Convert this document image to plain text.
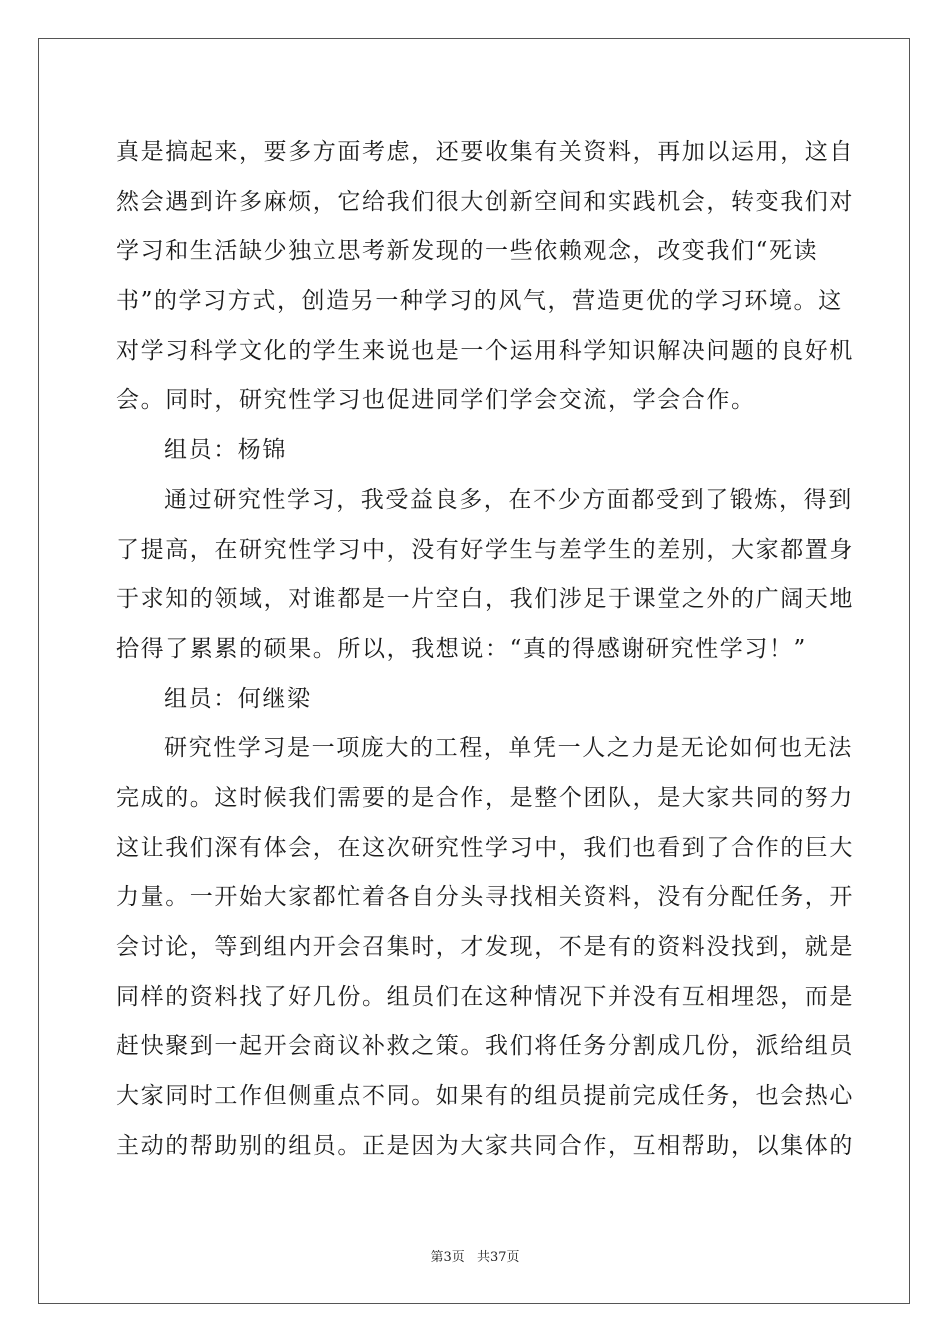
真是搞起来，要多方面考虑，还要收集有关资料，再加以运用，这自
然会遇到许多麻烦，它给我们很大创新空间和实践机会，转变我们对
学习和生活缺少独立思考新发现的一些依赖观念，改变我们“死读
书”的学习方式，创造另一种学习的风气，营造更优的学习环境。这
对学习科学文化的学生来说也是一个运用科学知识解决问题的良好机
会。同时，研究性学习也促进同学们学会交流，学会合作。
组员：杨锦
通过研究性学习，我受益良多，在不少方面都受到了锻炼，得到
了提高，在研究性学习中，没有好学生与差学生的差别，大家都置身
于求知的领域，对谁都是一片空白，我们涉足于课堂之外的广阔天地
拾得了累累的硕果。所以，我想说：“真的得感谢研究性学习！”
组员：何继梁
研究性学习是一项庞大的工程，单凭一人之力是无论如何也无法
完成的。这时候我们需要的是合作，是整个团队，是大家共同的努力
这让我们深有体会，在这次研究性学习中，我们也看到了合作的巨大
力量。一开始大家都忙着各自分头寻找相关资料，没有分配任务，开
会讨论，等到组内开会召集时，才发现，不是有的资料没找到，就是
同样的资料找了好几份。组员们在这种情况下并没有互相埋怨，而是
赶快聚到一起开会商议补救之策。我们将任务分割成几份，派给组员
大家同时工作但侧重点不同。如果有的组员提前完成任务，也会热心
主动的帮助别的组员。正是因为大家共同合作，互相帮助，以集体的
第3页 共37页
